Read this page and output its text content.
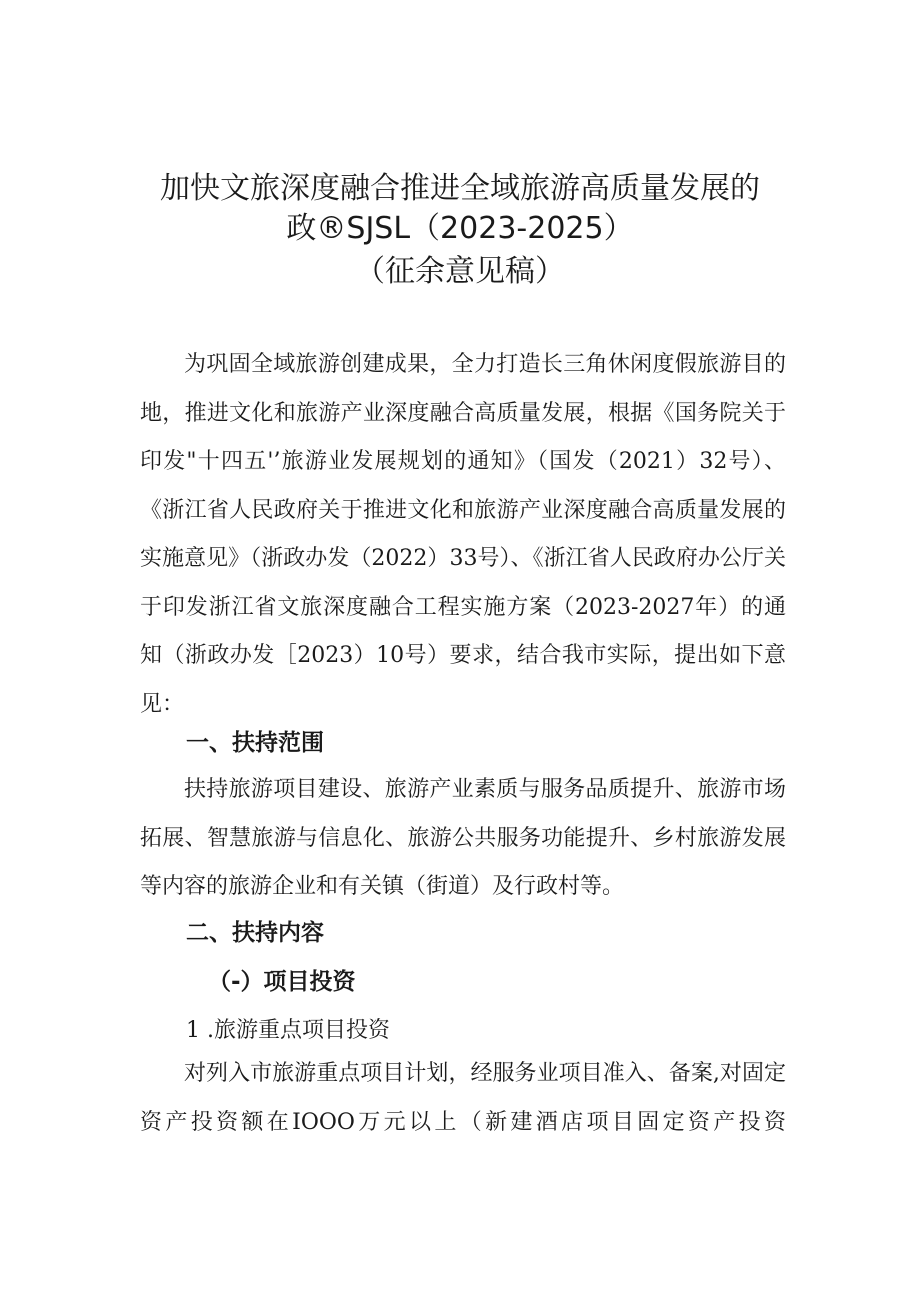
加快文旅深度融合推进全域旅游高质量发展的
政®SJSL（2023-2025）
（征余意见稿）

为巩固全域旅游创建成果，全力打造长三角休闲度假旅游目的地，推进文化和旅游产业深度融合高质量发展，根据《国务院关于印发"十四五'’旅游业发展规划的通知》（国发（2021）32号）、《浙江省人民政府关于推进文化和旅游产业深度融合高质量发展的实施意见》（浙政办发（2022）33号）、《浙江省人民政府办公厅关于印发浙江省文旅深度融合工程实施方案（2023-2027年）的通知（浙政办发［2023）10号）要求，结合我市实际，提出如下意见：

一、扶持范围

扶持旅游项目建设、旅游产业素质与服务品质提升、旅游市场拓展、智慧旅游与信息化、旅游公共服务功能提升、乡村旅游发展等内容的旅游企业和有关镇（街道）及行政村等。

二、扶持内容
（-）项目投资

1 .旅游重点项目投资

对列入市旅游重点项目计划，经服务业项目准入、备案,对固定资产投资额在IOOO万元以上（新建酒店项目固定资产投资
